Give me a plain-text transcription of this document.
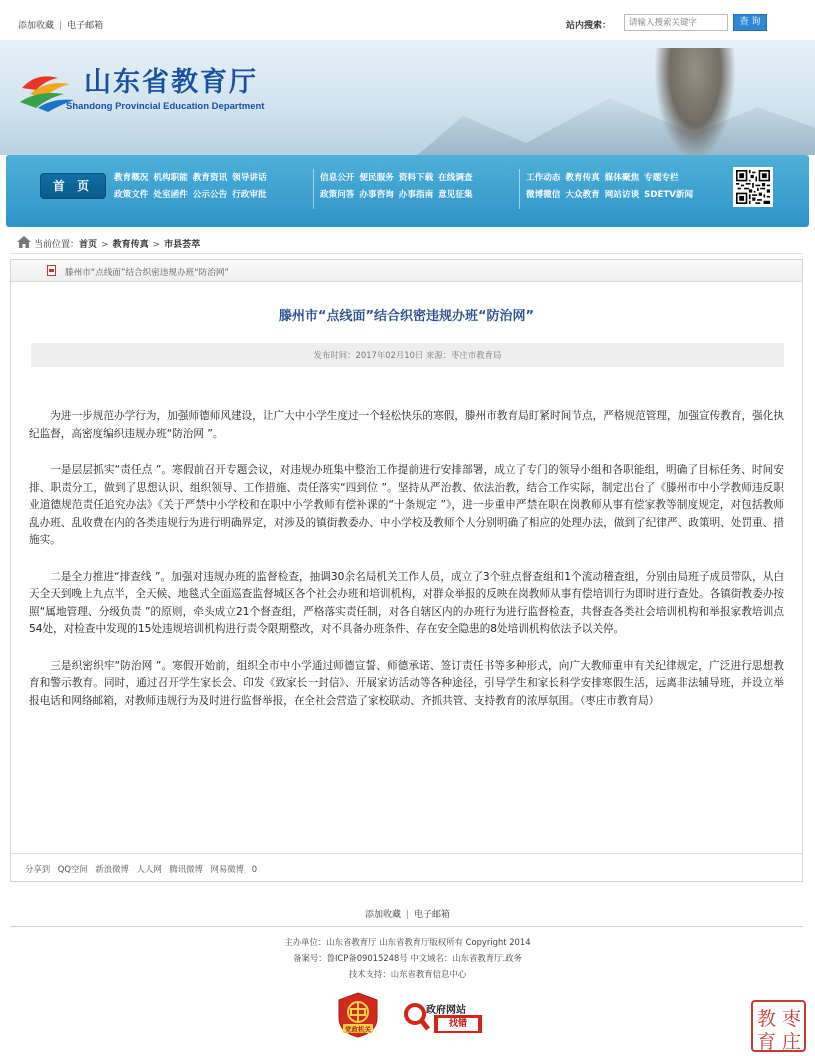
添加收藏 | 电子邮箱	站内搜索：
请输入搜索关键字	查 询
山东省教育厅
Shandong Provincial Education Department
首 页
教育概况 机构职能 教育资讯 领导讲话
政策文件 处室函件 公示公告 行政审批
信息公开 便民服务 资料下载 在线调查
政策问答 办事咨询 办事指南 意见征集
工作动态 教育传真 媒体聚焦 专题专栏
微博微信 大众教育 网站访谈 SDETV新闻
当前位置：首页 > 教育传真 > 市县荟萃
滕州市“点线面”结合织密违规办班“防治网”
滕州市“点线面”结合织密违规办班“防治网”
发布时间：2017年02月10日 来源：枣庄市教育局

为进一步规范办学行为，加强师德师风建设，让广大中小学生度过一个轻松快乐的寒假，滕州市教育局盯紧时间节点，严格规范管理，加强宣传教育，强化执纪监督，高密度编织违规办班“防治网 ”。

一是层层抓实“责任点 ”。寒假前召开专题会议，对违规办班集中整治工作提前进行安排部署，成立了专门的领导小组和各职能组，明确了目标任务、时间安排、职责分工，做到了思想认识、组织领导、工作措施、责任落实“四到位 ”。坚持从严治教、依法治教，结合工作实际，制定出台了《滕州市中小学教师违反职业道德规范责任追究办法》《关于严禁中小学校和在职中小学教师有偿补课的“十条规定 ”》，进一步重申严禁在职在岗教师从事有偿家教等制度规定，对包括教师乱办班、乱收费在内的各类违规行为进行明确界定，对涉及的镇街教委办、中小学校及教师个人分别明确了相应的处理办法，做到了纪律严、政策明、处罚重、措施实。

二是全力推进“排查线 ”。加强对违规办班的监督检查，抽调30余名局机关工作人员，成立了3个驻点督查组和1个流动稽查组，分别由局班子成员带队，从白天全天到晚上九点半，全天候、地毯式全面巡查监督城区各个社会办班和培训机构，对群众举报的反映在岗教师从事有偿培训行为即时进行查处。各镇街教委办按照“属地管理、分级负责 ”的原则，牵头成立21个督查组，严格落实责任制，对各自辖区内的办班行为进行监督检查，共督查各类社会培训机构和举报家教培训点54处，对检查中发现的15处违规培训机构进行责令限期整改，对不具备办班条件、存在安全隐患的8处培训机构依法予以关停。

三是织密织牢“防治网 ”。寒假开始前，组织全市中小学通过师德宣誓、师德承诺、签订责任书等多种形式，向广大教师重申有关纪律规定，广泛进行思想教育和警示教育。同时，通过召开学生家长会、印发《致家长一封信》、开展家访活动等各种途径，引导学生和家长科学安排寒假生活，远离非法辅导班，并设立举报电话和网络邮箱，对教师违规行为及时进行监督举报，在全社会营造了家校联动、齐抓共管、支持教育的浓厚氛围。（枣庄市教育局）

分享到 QQ空间 新浪微博 人人网 腾讯微博 网易微博 0
添加收藏 | 电子邮箱
主办单位：山东省教育厅 山东省教育厅版权所有 Copyright 2014
备案号：鲁ICP备09015248号 中文域名：山东省教育厅.政务
技术支持：山东省教育信息中心
党政机关
政府网站
找错	枣
庄
教
育
